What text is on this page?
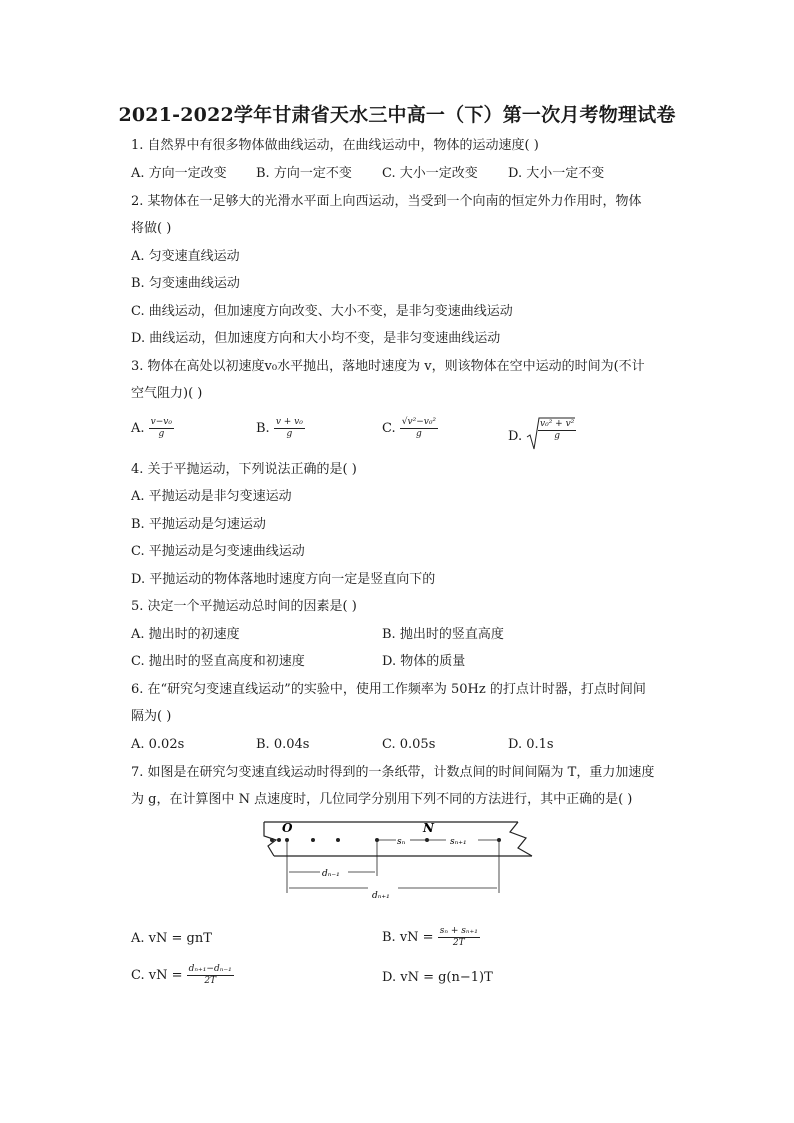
2021-2022学年甘肃省天水三中高一（下）第一次月考物理试卷
1. 自然界中有很多物体做曲线运动，在曲线运动中，物体的运动速度( )
A. 方向一定改变 B. 方向一定不变 C. 大小一定改变 D. 大小一定不变
2. 某物体在一足够大的光滑水平面上向西运动，当受到一个向南的恒定外力作用时，物体
将做( )
A. 匀变速直线运动
B. 匀变速曲线运动
C. 曲线运动，但加速度方向改变、大小不变，是非匀变速曲线运动
D. 曲线运动，但加速度方向和大小均不变，是非匀变速曲线运动
3. 物体在高处以初速度v₀水平抛出，落地时速度为 v，则该物体在空中运动的时间为(不计
空气阻力)( )
A. $\frac{\text{v−v₀}}{g}$	B. $\frac{\text{v + v₀}}{g}$	C. $\frac{\text{√v²−v₀²}}{g}$	D. $\frac{\text{v₀² + v²}}{g}$
4. 关于平抛运动，下列说法正确的是( )
A. 平抛运动是非匀变速运动
B. 平抛运动是匀速运动
C. 平抛运动是匀变速曲线运动
D. 平抛运动的物体落地时速度方向一定是竖直向下的
5. 决定一个平抛运动总时间的因素是( )
A. 抛出时的初速度	B. 抛出时的竖直高度
C. 抛出时的竖直高度和初速度	D. 物体的质量
6. 在“研究匀变速直线运动”的实验中，使用工作频率为 50Hz 的打点计时器，打点时间间
隔为( )
A. 0.02s	B. 0.04s	C. 0.05s	D. 0.1s
7. 如图是在研究匀变速直线运动时得到的一条纸带，计数点间的时间间隔为 T，重力加速度
为 g，在计算图中 N 点速度时，几位同学分别用下列不同的方法进行，其中正确的是( )
O	N
sₙ	sₙ₊₁
dₙ₋₁
dₙ₊₁
A. vN = gnT	B. vN = $\frac{\text{sₙ + sₙ₊₁}}{2T}$
C. vN = $\frac{\text{dₙ₊₁−dₙ₋₁}}{2T}$	D. vN = g(n−1)T
